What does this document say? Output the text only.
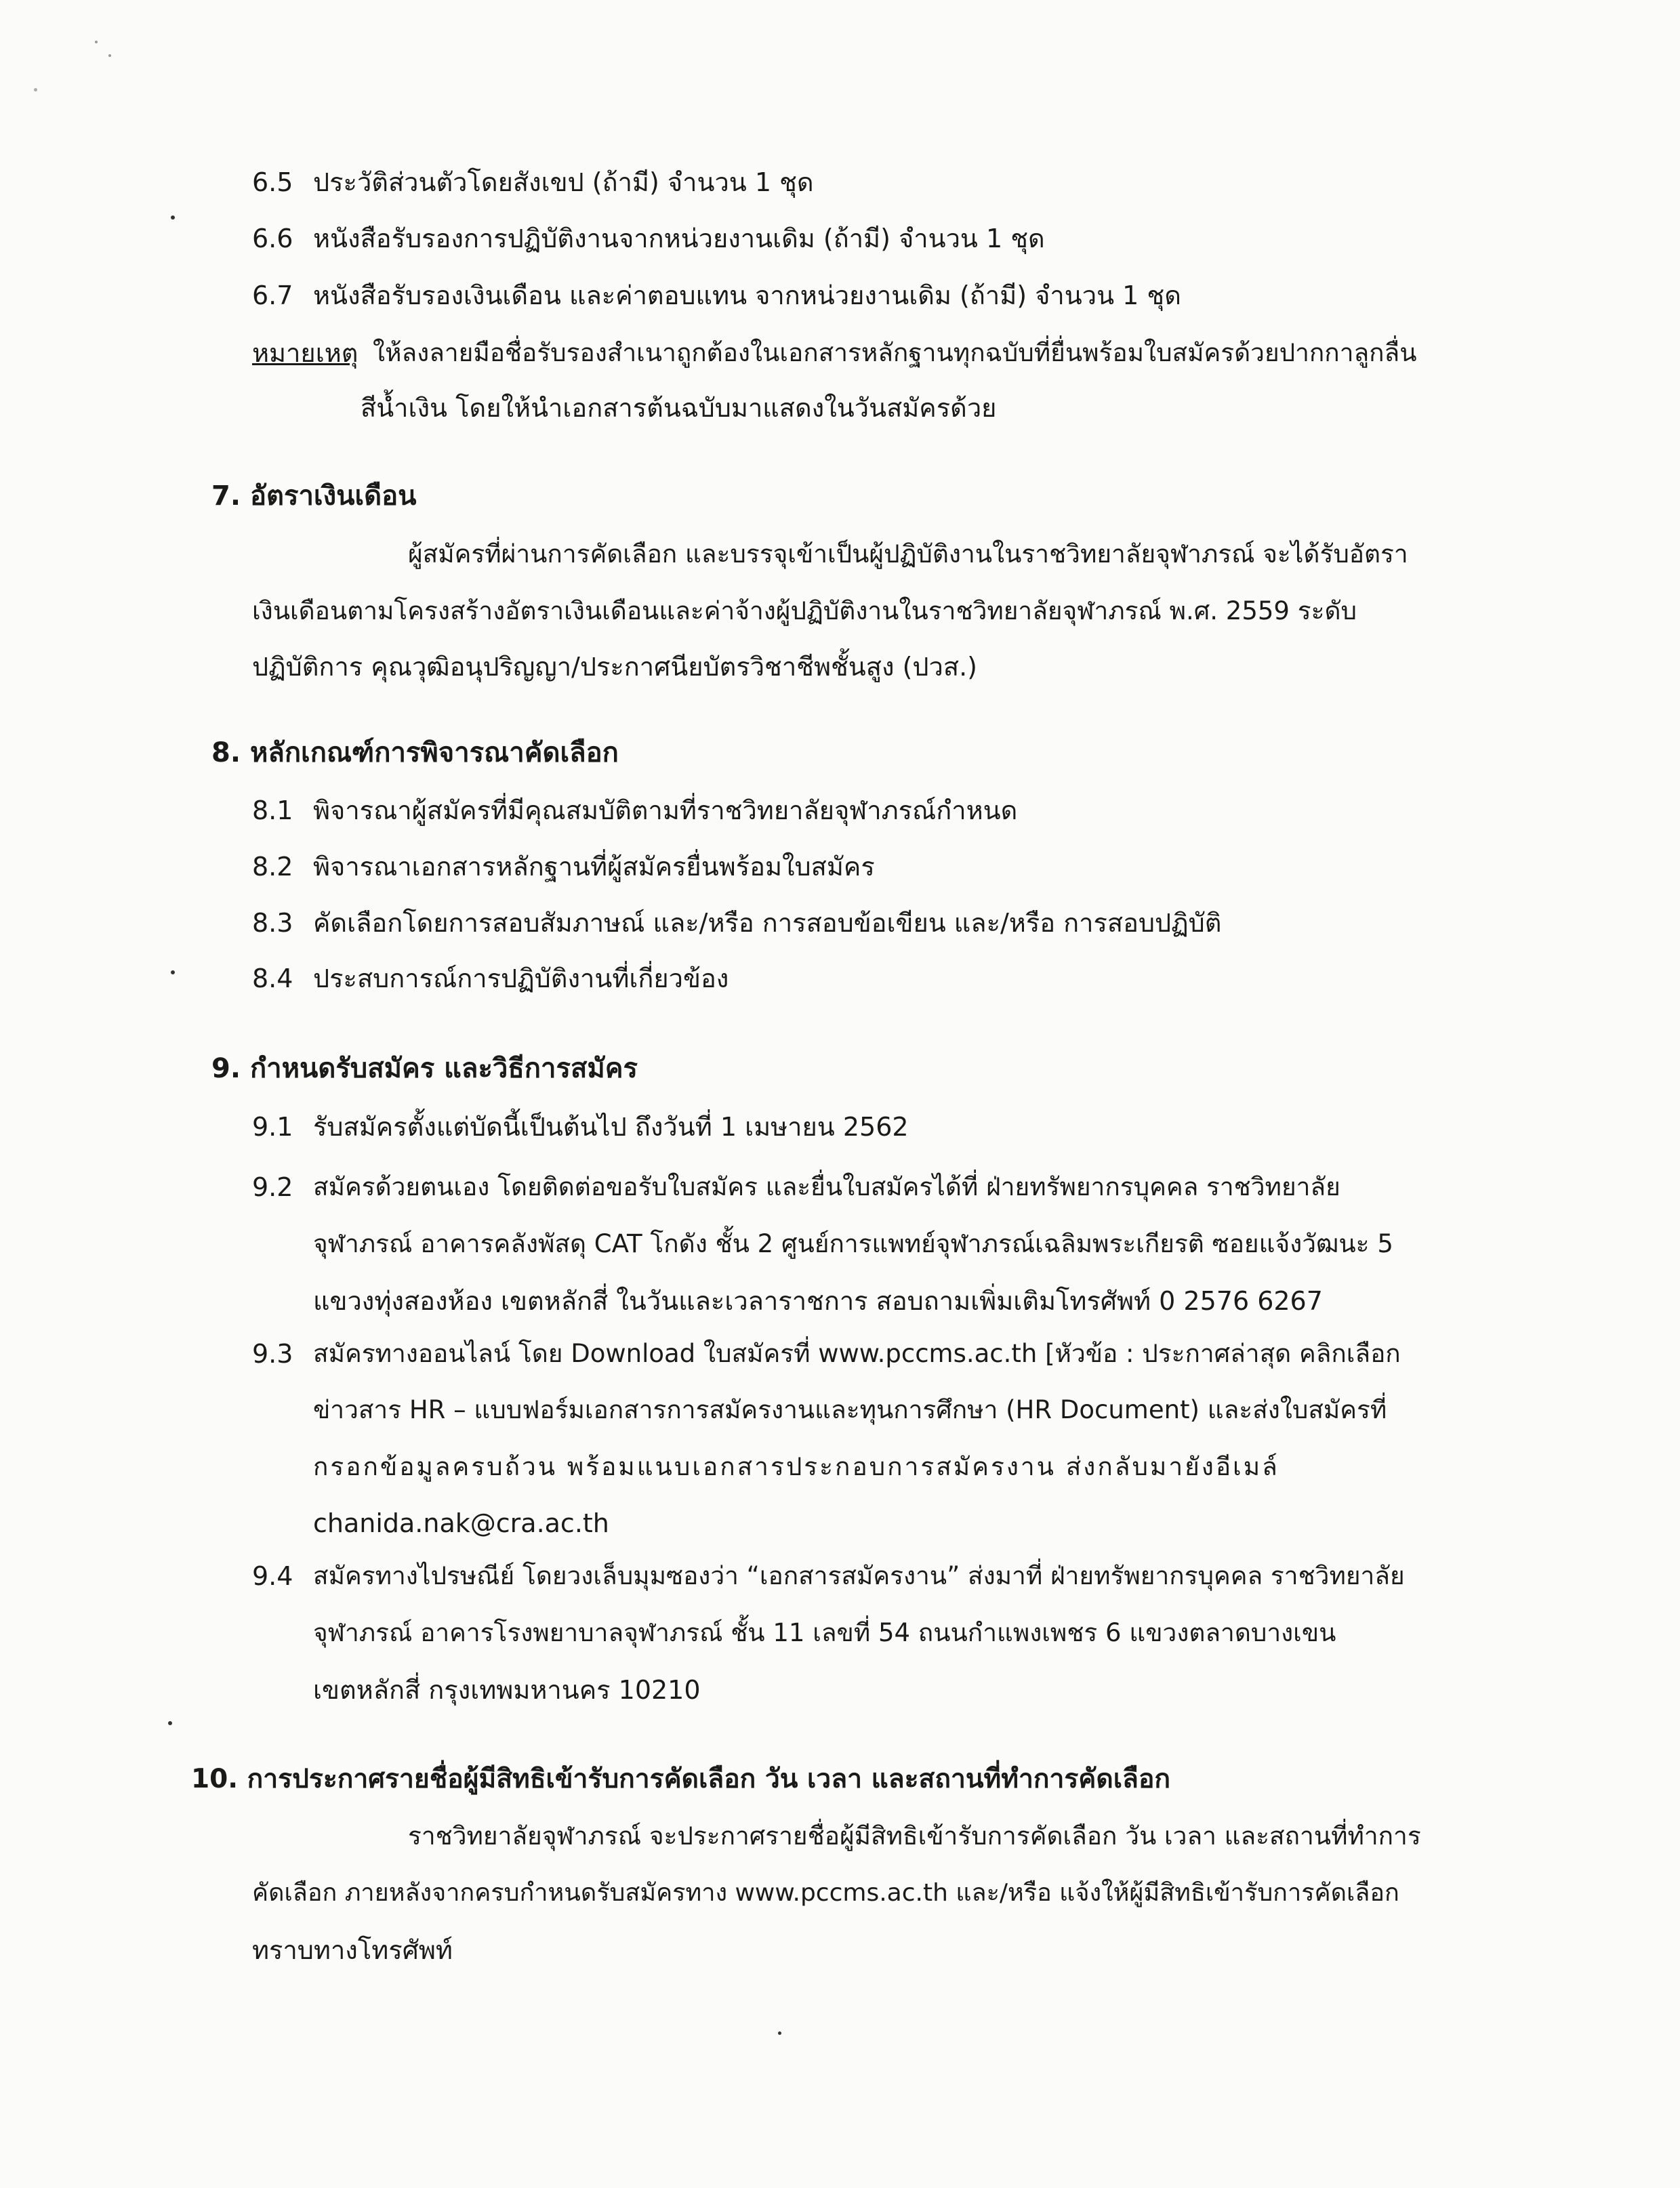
6.5 ประวัติส่วนตัวโดยสังเขป (ถ้ามี) จำนวน 1 ชุด
6.6 หนังสือรับรองการปฏิบัติงานจากหน่วยงานเดิม (ถ้ามี) จำนวน 1 ชุด
6.7 หนังสือรับรองเงินเดือน และค่าตอบแทน จากหน่วยงานเดิม (ถ้ามี) จำนวน 1 ชุด
หมายเหตุ ให้ลงลายมือชื่อรับรองสำเนาถูกต้องในเอกสารหลักฐานทุกฉบับที่ยื่นพร้อมใบสมัครด้วยปากกาลูกลื่น
สีน้ำเงิน โดยให้นำเอกสารต้นฉบับมาแสดงในวันสมัครด้วย
7. อัตราเงินเดือน
ผู้สมัครที่ผ่านการคัดเลือก และบรรจุเข้าเป็นผู้ปฏิบัติงานในราชวิทยาลัยจุฬาภรณ์ จะได้รับอัตรา
เงินเดือนตามโครงสร้างอัตราเงินเดือนและค่าจ้างผู้ปฏิบัติงานในราชวิทยาลัยจุฬาภรณ์ พ.ศ. 2559 ระดับ
ปฏิบัติการ คุณวุฒิอนุปริญญา/ประกาศนียบัตรวิชาชีพชั้นสูง (ปวส.)
8. หลักเกณฑ์การพิจารณาคัดเลือก
8.1 พิจารณาผู้สมัครที่มีคุณสมบัติตามที่ราชวิทยาลัยจุฬาภรณ์กำหนด
8.2 พิจารณาเอกสารหลักฐานที่ผู้สมัครยื่นพร้อมใบสมัคร
8.3 คัดเลือกโดยการสอบสัมภาษณ์ และ/หรือ การสอบข้อเขียน และ/หรือ การสอบปฏิบัติ
8.4 ประสบการณ์การปฏิบัติงานที่เกี่ยวข้อง
9. กำหนดรับสมัคร และวิธีการสมัคร
9.1 รับสมัครตั้งแต่บัดนี้เป็นต้นไป ถึงวันที่ 1 เมษายน 2562
9.2 สมัครด้วยตนเอง โดยติดต่อขอรับใบสมัคร และยื่นใบสมัครได้ที่ ฝ่ายทรัพยากรบุคคล ราชวิทยาลัย
จุฬาภรณ์ อาคารคลังพัสดุ CAT โกดัง ชั้น 2 ศูนย์การแพทย์จุฬาภรณ์เฉลิมพระเกียรติ ซอยแจ้งวัฒนะ 5
แขวงทุ่งสองห้อง เขตหลักสี่ ในวันและเวลาราชการ สอบถามเพิ่มเติมโทรศัพท์ 0 2576 6267
9.3 สมัครทางออนไลน์ โดย Download ใบสมัครที่ www.pccms.ac.th [หัวข้อ : ประกาศล่าสุด คลิกเลือก
ข่าวสาร HR – แบบฟอร์มเอกสารการสมัครงานและทุนการศึกษา (HR Document) และส่งใบสมัครที่
กรอกข้อมูลครบถ้วน พร้อมแนบเอกสารประกอบการสมัครงาน ส่งกลับมายังอีเมล์
chanida.nak@cra.ac.th
9.4 สมัครทางไปรษณีย์ โดยวงเล็บมุมซองว่า “เอกสารสมัครงาน” ส่งมาที่ ฝ่ายทรัพยากรบุคคล ราชวิทยาลัย
จุฬาภรณ์ อาคารโรงพยาบาลจุฬาภรณ์ ชั้น 11 เลขที่ 54 ถนนกำแพงเพชร 6 แขวงตลาดบางเขน
เขตหลักสี่ กรุงเทพมหานคร 10210
10. การประกาศรายชื่อผู้มีสิทธิเข้ารับการคัดเลือก วัน เวลา และสถานที่ทำการคัดเลือก
ราชวิทยาลัยจุฬาภรณ์ จะประกาศรายชื่อผู้มีสิทธิเข้ารับการคัดเลือก วัน เวลา และสถานที่ทำการ
คัดเลือก ภายหลังจากครบกำหนดรับสมัครทาง www.pccms.ac.th และ/หรือ แจ้งให้ผู้มีสิทธิเข้ารับการคัดเลือก
ทราบทางโทรศัพท์
